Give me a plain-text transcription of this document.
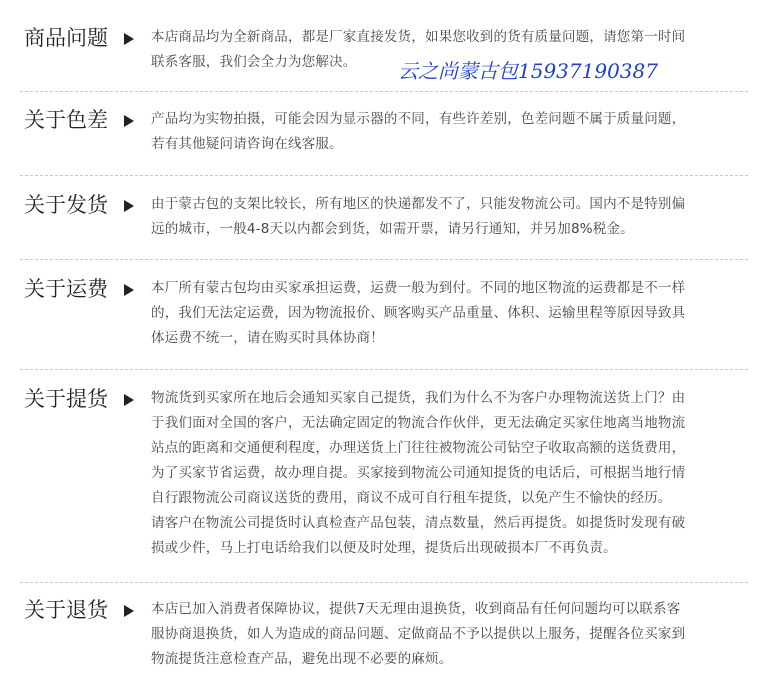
商品问题	本店商品均为全新商品，都是厂家直接发货，如果您收到的货有质量问题，请您第一时间
联系客服，我们会全力为您解决。	云之尚蒙古包15937190387
关于色差	产品均为实物拍摄，可能会因为显示器的不同，有些许差别，色差问题不属于质量问题，
若有其他疑问请咨询在线客服。
关于发货	由于蒙古包的支架比较长，所有地区的快递都发不了，只能发物流公司。国内不是特别偏
远的城市，一般4-8天以内都会到货，如需开票，请另行通知，并另加8%税金。
关于运费	本厂所有蒙古包均由买家承担运费，运费一般为到付。不同的地区物流的运费都是不一样
的，我们无法定运费，因为物流报价、顾客购买产品重量、体积、运输里程等原因导致具
体运费不统一，请在购买时具体协商！
关于提货	物流货到买家所在地后会通知买家自己提货，我们为什么不为客户办理物流送货上门？由
于我们面对全国的客户，无法确定固定的物流合作伙伴，更无法确定买家住地离当地物流
站点的距离和交通便利程度，办理送货上门往往被物流公司钻空子收取高额的送货费用，
为了买家节省运费，故办理自提。买家接到物流公司通知提货的电话后，可根据当地行情
自行跟物流公司商议送货的费用，商议不成可自行租车提货，以免产生不愉快的经历。
请客户在物流公司提货时认真检查产品包装，清点数量，然后再提货。如提货时发现有破
损或少件，马上打电话给我们以便及时处理，提货后出现破损本厂不再负责。
关于退货	本店已加入消费者保障协议，提供7天无理由退换货，收到商品有任何问题均可以联系客
服协商退换货，如人为造成的商品问题、定做商品不予以提供以上服务，提醒各位买家到
物流提货注意检查产品，避免出现不必要的麻烦。
